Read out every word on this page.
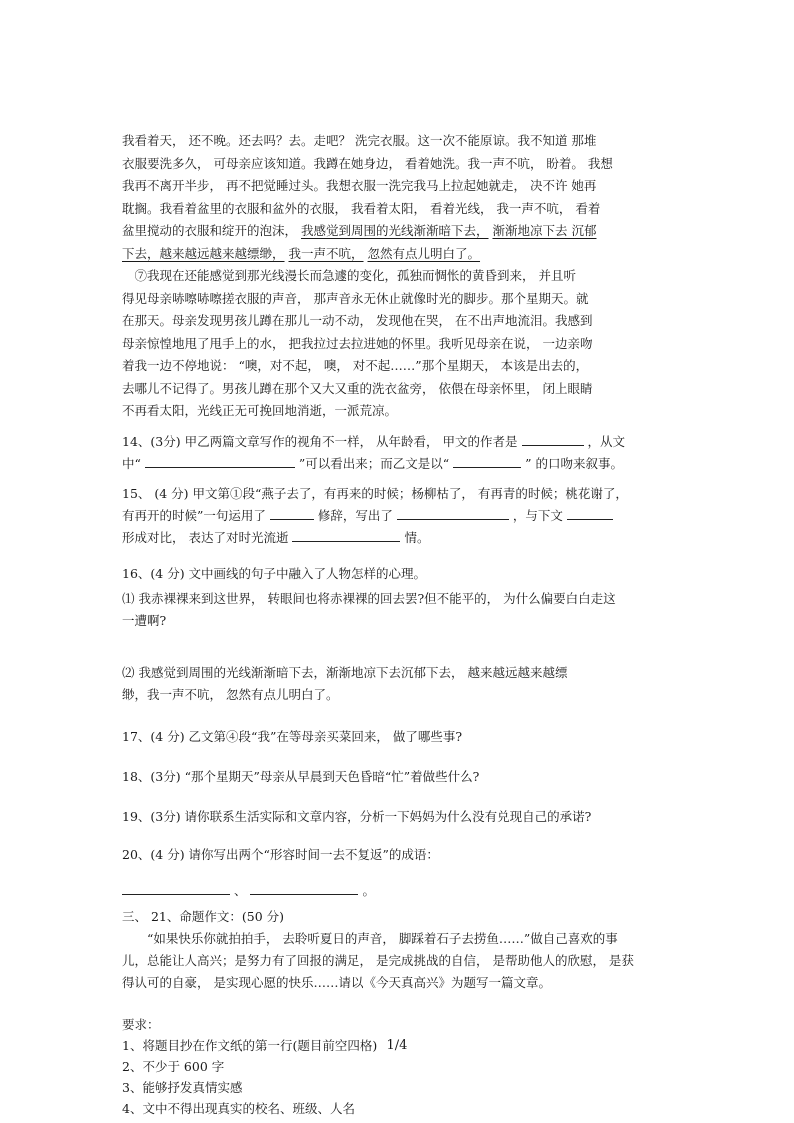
我看着天， 还不晚。还去吗？去。走吧？ 洗完衣服。这一次不能原谅。我不知道 那堆

衣服要洗多久， 可母亲应该知道。我蹲在她身边， 看着她洗。我一声不吭， 盼着。 我想

我再不离开半步， 再不把觉睡过头。我想衣服一洗完我马上拉起她就走， 决不许 她再

耽搁。我看着盆里的衣服和盆外的衣服， 我看着太阳， 看着光线， 我一声不吭， 看着

盆里搅动的衣服和绽开的泡沫， 我感觉到周围的光线渐渐暗下去， 渐渐地凉下去 沉郁

下去，越来越远越来越缥缈， 我一声不吭， 忽然有点儿明白了。

⑦我现在还能感觉到那光线漫长而急遽的变化，孤独而惆怅的黄昏到来， 并且听

得见母亲哧嚓哧嚓搓衣服的声音， 那声音永无休止就像时光的脚步。那个星期天。就

在那天。母亲发现男孩儿蹲在那儿一动不动， 发现他在哭， 在不出声地流泪。我感到

母亲惊惶地甩了甩手上的水， 把我拉过去拉进她的怀里。我听见母亲在说， 一边亲吻

着我一边不停地说： “噢，对不起， 噢， 对不起……”那个星期天， 本该是出去的，

去哪儿不记得了。男孩儿蹲在那个又大又重的洗衣盆旁， 依偎在母亲怀里， 闭上眼睛

不再看太阳，光线正无可挽回地消逝，一派荒凉。

14、(3分) 甲乙两篇文章写作的视角不一样， 从年龄看， 甲文的作者是	，从文
中“	”可以看出来；而乙文是以“	” 的口吻来叙事。
15、 (4 分) 甲文第①段“燕子去了，有再来的时候；杨柳枯了， 有再青的时候；桃花谢了，
有再开的时候”一句运用了	修辞，写出了	，与下文
形成对比， 表达了对时光流逝	情。
16、(4 分) 文中画线的句子中融入了人物怎样的心理。
⑴ 我赤裸裸来到这世界， 转眼间也将赤裸裸的回去罢?但不能平的， 为什么偏要白白走这
一遭啊?
⑵ 我感觉到周围的光线渐渐暗下去，渐渐地凉下去沉郁下去， 越来越远越来越缥
缈，我一声不吭， 忽然有点儿明白了。
17、(4 分) 乙文第④段“我”在等母亲买菜回来， 做了哪些事?
18、(3分) “那个星期天”母亲从早晨到天色昏暗“忙”着做些什么?
19、(3分) 请你联系生活实际和文章内容，分析一下妈妈为什么没有兑现自己的承诺?
20、(4 分) 请你写出两个“形容时间一去不复返”的成语：
、	。
三、 21、命题作文：(50 分)

“如果快乐你就拍拍手， 去聆听夏日的声音， 脚踩着石子去捞鱼……”做自己喜欢的事

儿，总能让人高兴；是努力有了回报的满足， 是完成挑战的自信， 是帮助他人的欣慰， 是获

得认可的自豪， 是实现心愿的快乐……请以《今天真高兴》为题写一篇文章。

要求：

1、将题目抄在作文纸的第一行(题目前空四格)

2、不少于 600 字

3、能够抒发真情实感

4、文中不得出现真实的校名、班级、人名

1/4
